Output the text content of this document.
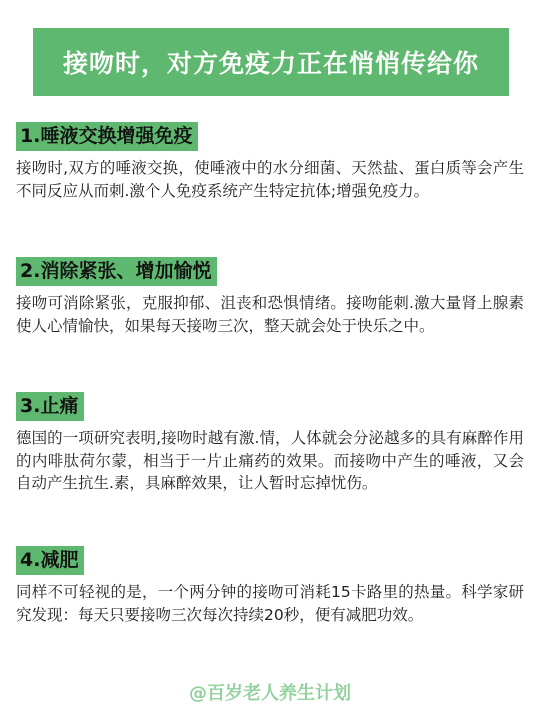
接吻时，对方免疫力正在悄悄传给你
1.唾液交换增强免疫
接吻时,双方的唾液交换，使唾液中的水分细菌、天然盐、蛋白质等会产生不同反应从而刺.激个人免疫系统产生特定抗体;增强免疫力。
2.消除紧张、增加愉悦
接吻可消除紧张，克服抑郁、沮丧和恐惧情绪。接吻能刺.激大量肾上腺素使人心情愉快，如果每天接吻三次，整天就会处于快乐之中。
3.止痛
德国的一项研究表明,接吻时越有激.情，人体就会分泌越多的具有麻醉作用的内啡肽荷尔蒙，相当于一片止痛药的效果。而接吻中产生的唾液，又会自动产生抗生.素，具麻醉效果，让人暂时忘掉忧伤。
4.减肥
同样不可轻视的是，一个两分钟的接吻可消耗15卡路里的热量。科学家研究发现：每天只要接吻三次每次持续20秒，便有减肥功效。
@百岁老人养生计划
